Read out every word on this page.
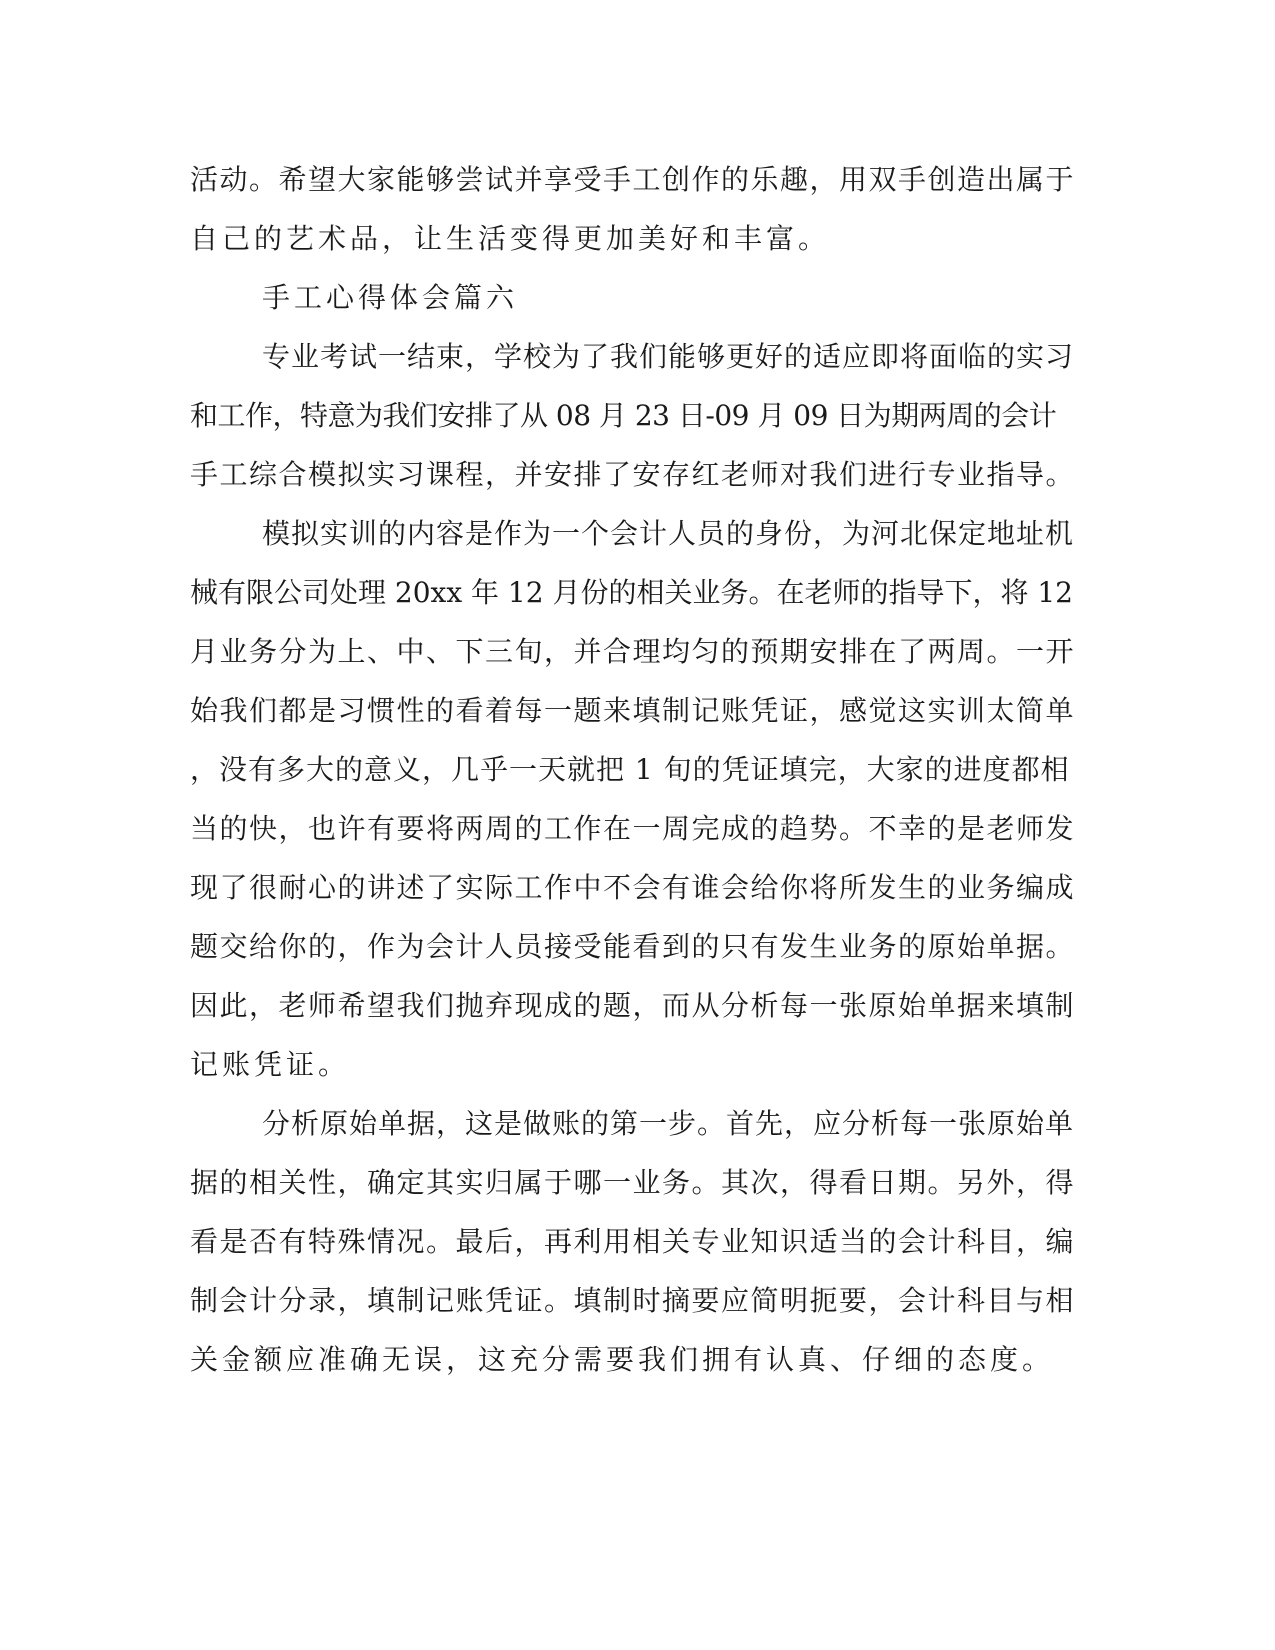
活动。希望大家能够尝试并享受手工创作的乐趣，用双手创造出属于
自己的艺术品，让生活变得更加美好和丰富。
手工心得体会篇六
专业考试一结束，学校为了我们能够更好的适应即将面临的实习
和工作，特意为我们安排了从 08 月 23 日-09 月 09 日为期两周的会计
手工综合模拟实习课程，并安排了安存红老师对我们进行专业指导。
模拟实训的内容是作为一个会计人员的身份，为河北保定地址机
械有限公司处理 20xx 年 12 月份的相关业务。在老师的指导下，将 12
月业务分为上、中、下三旬，并合理均匀的预期安排在了两周。一开
始我们都是习惯性的看着每一题来填制记账凭证，感觉这实训太简单
，没有多大的意义，几乎一天就把 1 旬的凭证填完，大家的进度都相
当的快，也许有要将两周的工作在一周完成的趋势。不幸的是老师发
现了很耐心的讲述了实际工作中不会有谁会给你将所发生的业务编成
题交给你的，作为会计人员接受能看到的只有发生业务的原始单据。
因此，老师希望我们抛弃现成的题，而从分析每一张原始单据来填制
记账凭证。
分析原始单据，这是做账的第一步。首先，应分析每一张原始单
据的相关性，确定其实归属于哪一业务。其次，得看日期。另外，得
看是否有特殊情况。最后，再利用相关专业知识适当的会计科目，编
制会计分录，填制记账凭证。填制时摘要应简明扼要，会计科目与相
关金额应准确无误，这充分需要我们拥有认真、仔细的态度。
